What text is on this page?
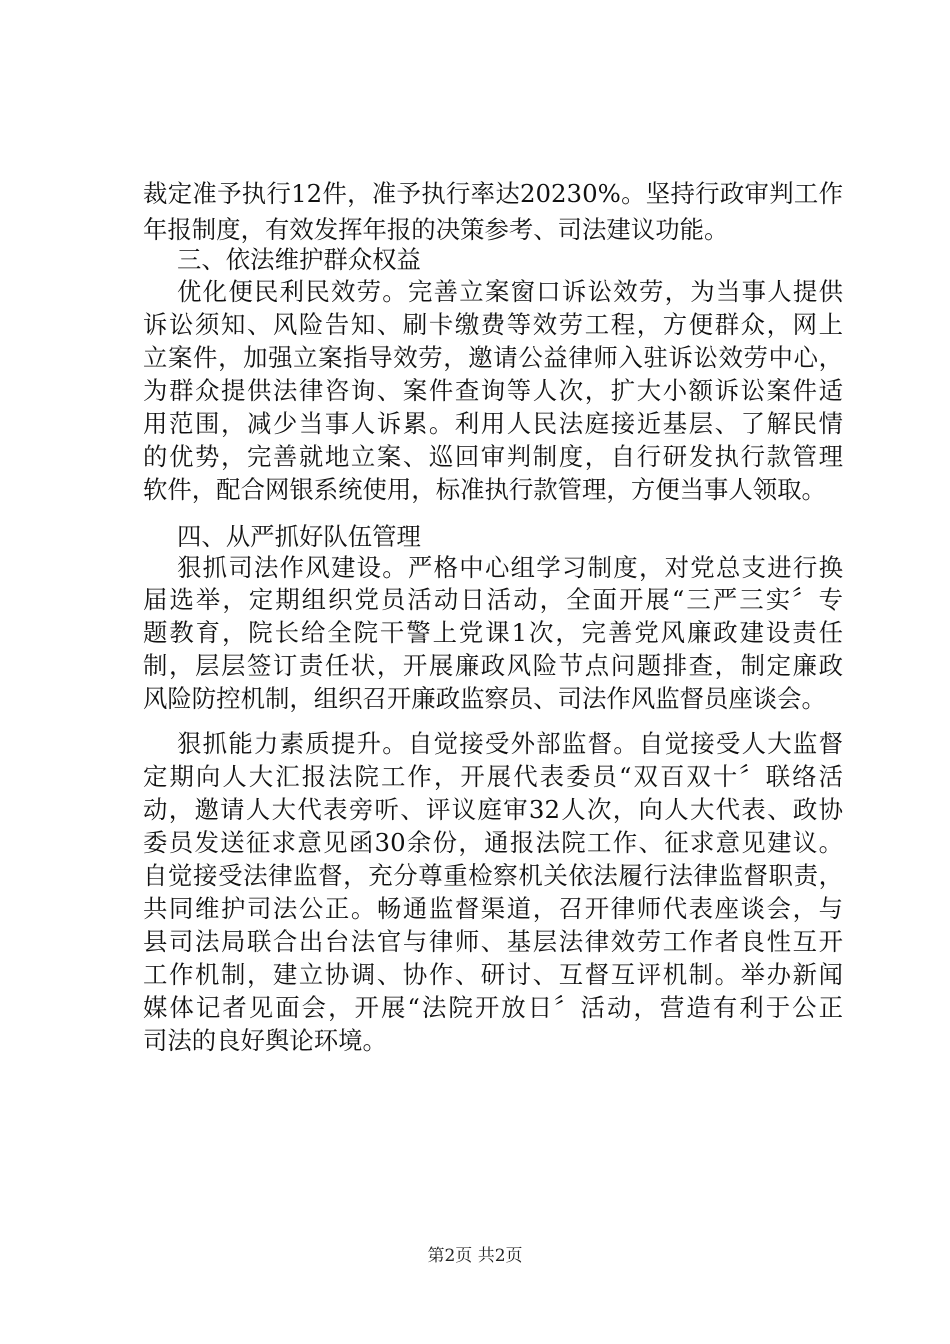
裁定准予执行12件，准予执行率达20230%。坚持行政审判工作
年报制度，有效发挥年报的决策参考、司法建议功能。
三、依法维护群众权益
优化便民利民效劳。完善立案窗口诉讼效劳，为当事人提供
诉讼须知、风险告知、刷卡缴费等效劳工程，方便群众，网上
立案件，加强立案指导效劳，邀请公益律师入驻诉讼效劳中心，
为群众提供法律咨询、案件查询等人次，扩大小额诉讼案件适
用范围，减少当事人诉累。利用人民法庭接近基层、了解民情
的优势，完善就地立案、巡回审判制度，自行研发执行款管理
软件，配合网银系统使用，标准执行款管理，方便当事人领取。
四、从严抓好队伍管理
狠抓司法作风建设。严格中心组学习制度，对党总支进行换
届选举，定期组织党员活动日活动，全面开展“三严三实〞专
题教育，院长给全院干警上党课1次，完善党风廉政建设责任
制，层层签订责任状，开展廉政风险节点问题排查，制定廉政
风险防控机制，组织召开廉政监察员、司法作风监督员座谈会。
狠抓能力素质提升。自觉接受外部监督。自觉接受人大监督
定期向人大汇报法院工作，开展代表委员“双百双十〞联络活
动，邀请人大代表旁听、评议庭审32人次，向人大代表、政协
委员发送征求意见函30余份，通报法院工作、征求意见建议。
自觉接受法律监督，充分尊重检察机关依法履行法律监督职责，
共同维护司法公正。畅通监督渠道，召开律师代表座谈会，与
县司法局联合出台法官与律师、基层法律效劳工作者良性互开
工作机制，建立协调、协作、研讨、互督互评机制。举办新闻
媒体记者见面会，开展“法院开放日〞活动，营造有利于公正
司法的良好舆论环境。
第2页 共2页
